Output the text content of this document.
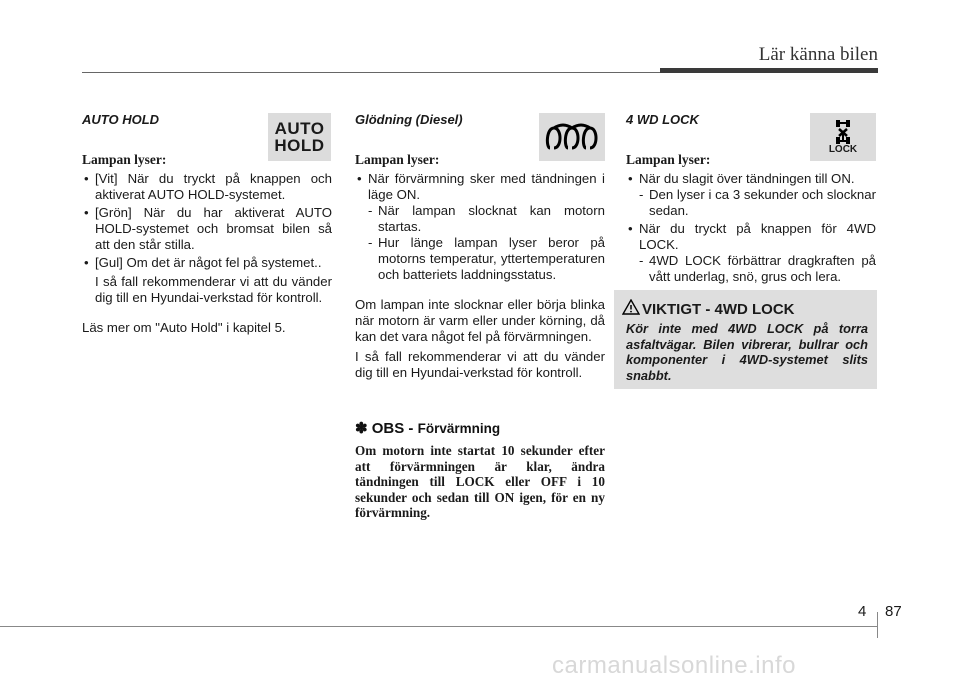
Lär känna bilen
AUTO
HOLD
AUTO HOLD
Lampan lyser:
• [Vit] När du tryckt på knappen och aktiverat AUTO HOLD-systemet.
• [Grön] När du har aktiverat AUTO HOLD-systemet och bromsat bilen så att den står stilla.
• [Gul] Om det är något fel på systemet..

I så fall rekommenderar vi att du vänder dig till en Hyundai-verkstad för kontroll.

Läs mer om "Auto Hold" i kapitel 5.

Glödning (Diesel)
Lampan lyser:
• När förvärmning sker med tändningen i läge ON.
- När lampan slocknat kan motorn startas.
- Hur länge lampan lyser beror på motorns temperatur, yttertemperaturen och batteriets laddningsstatus.

Om lampan inte slocknar eller börja blinka när motorn är varm eller under körning, då kan det vara något fel på förvärmningen.

I så fall rekommenderar vi att du vänder dig till en Hyundai-verkstad för kontroll.

✽ OBS - Förvärmning
Om motorn inte startat 10 sekunder efter att förvärmningen är klar, ändra tändningen till LOCK eller OFF i 10 sekunder och sedan till ON igen, för en ny förvärmning.
LOCK
4 WD LOCK
Lampan lyser:
• När du slagit över tändningen till ON.
- Den lyser i ca 3 sekunder och slocknar sedan.
• När du tryckt på knappen för 4WD LOCK.
- 4WD LOCK förbättrar dragkraften på vått underlag, snö, grus och lera.
VIKTIGT - 4WD LOCK
Kör inte med 4WD LOCK på torra asfaltvägar. Bilen vibrerar, bullrar och komponenter i 4WD-systemet slits snabbt.
4 87
carmanualsonline.info
